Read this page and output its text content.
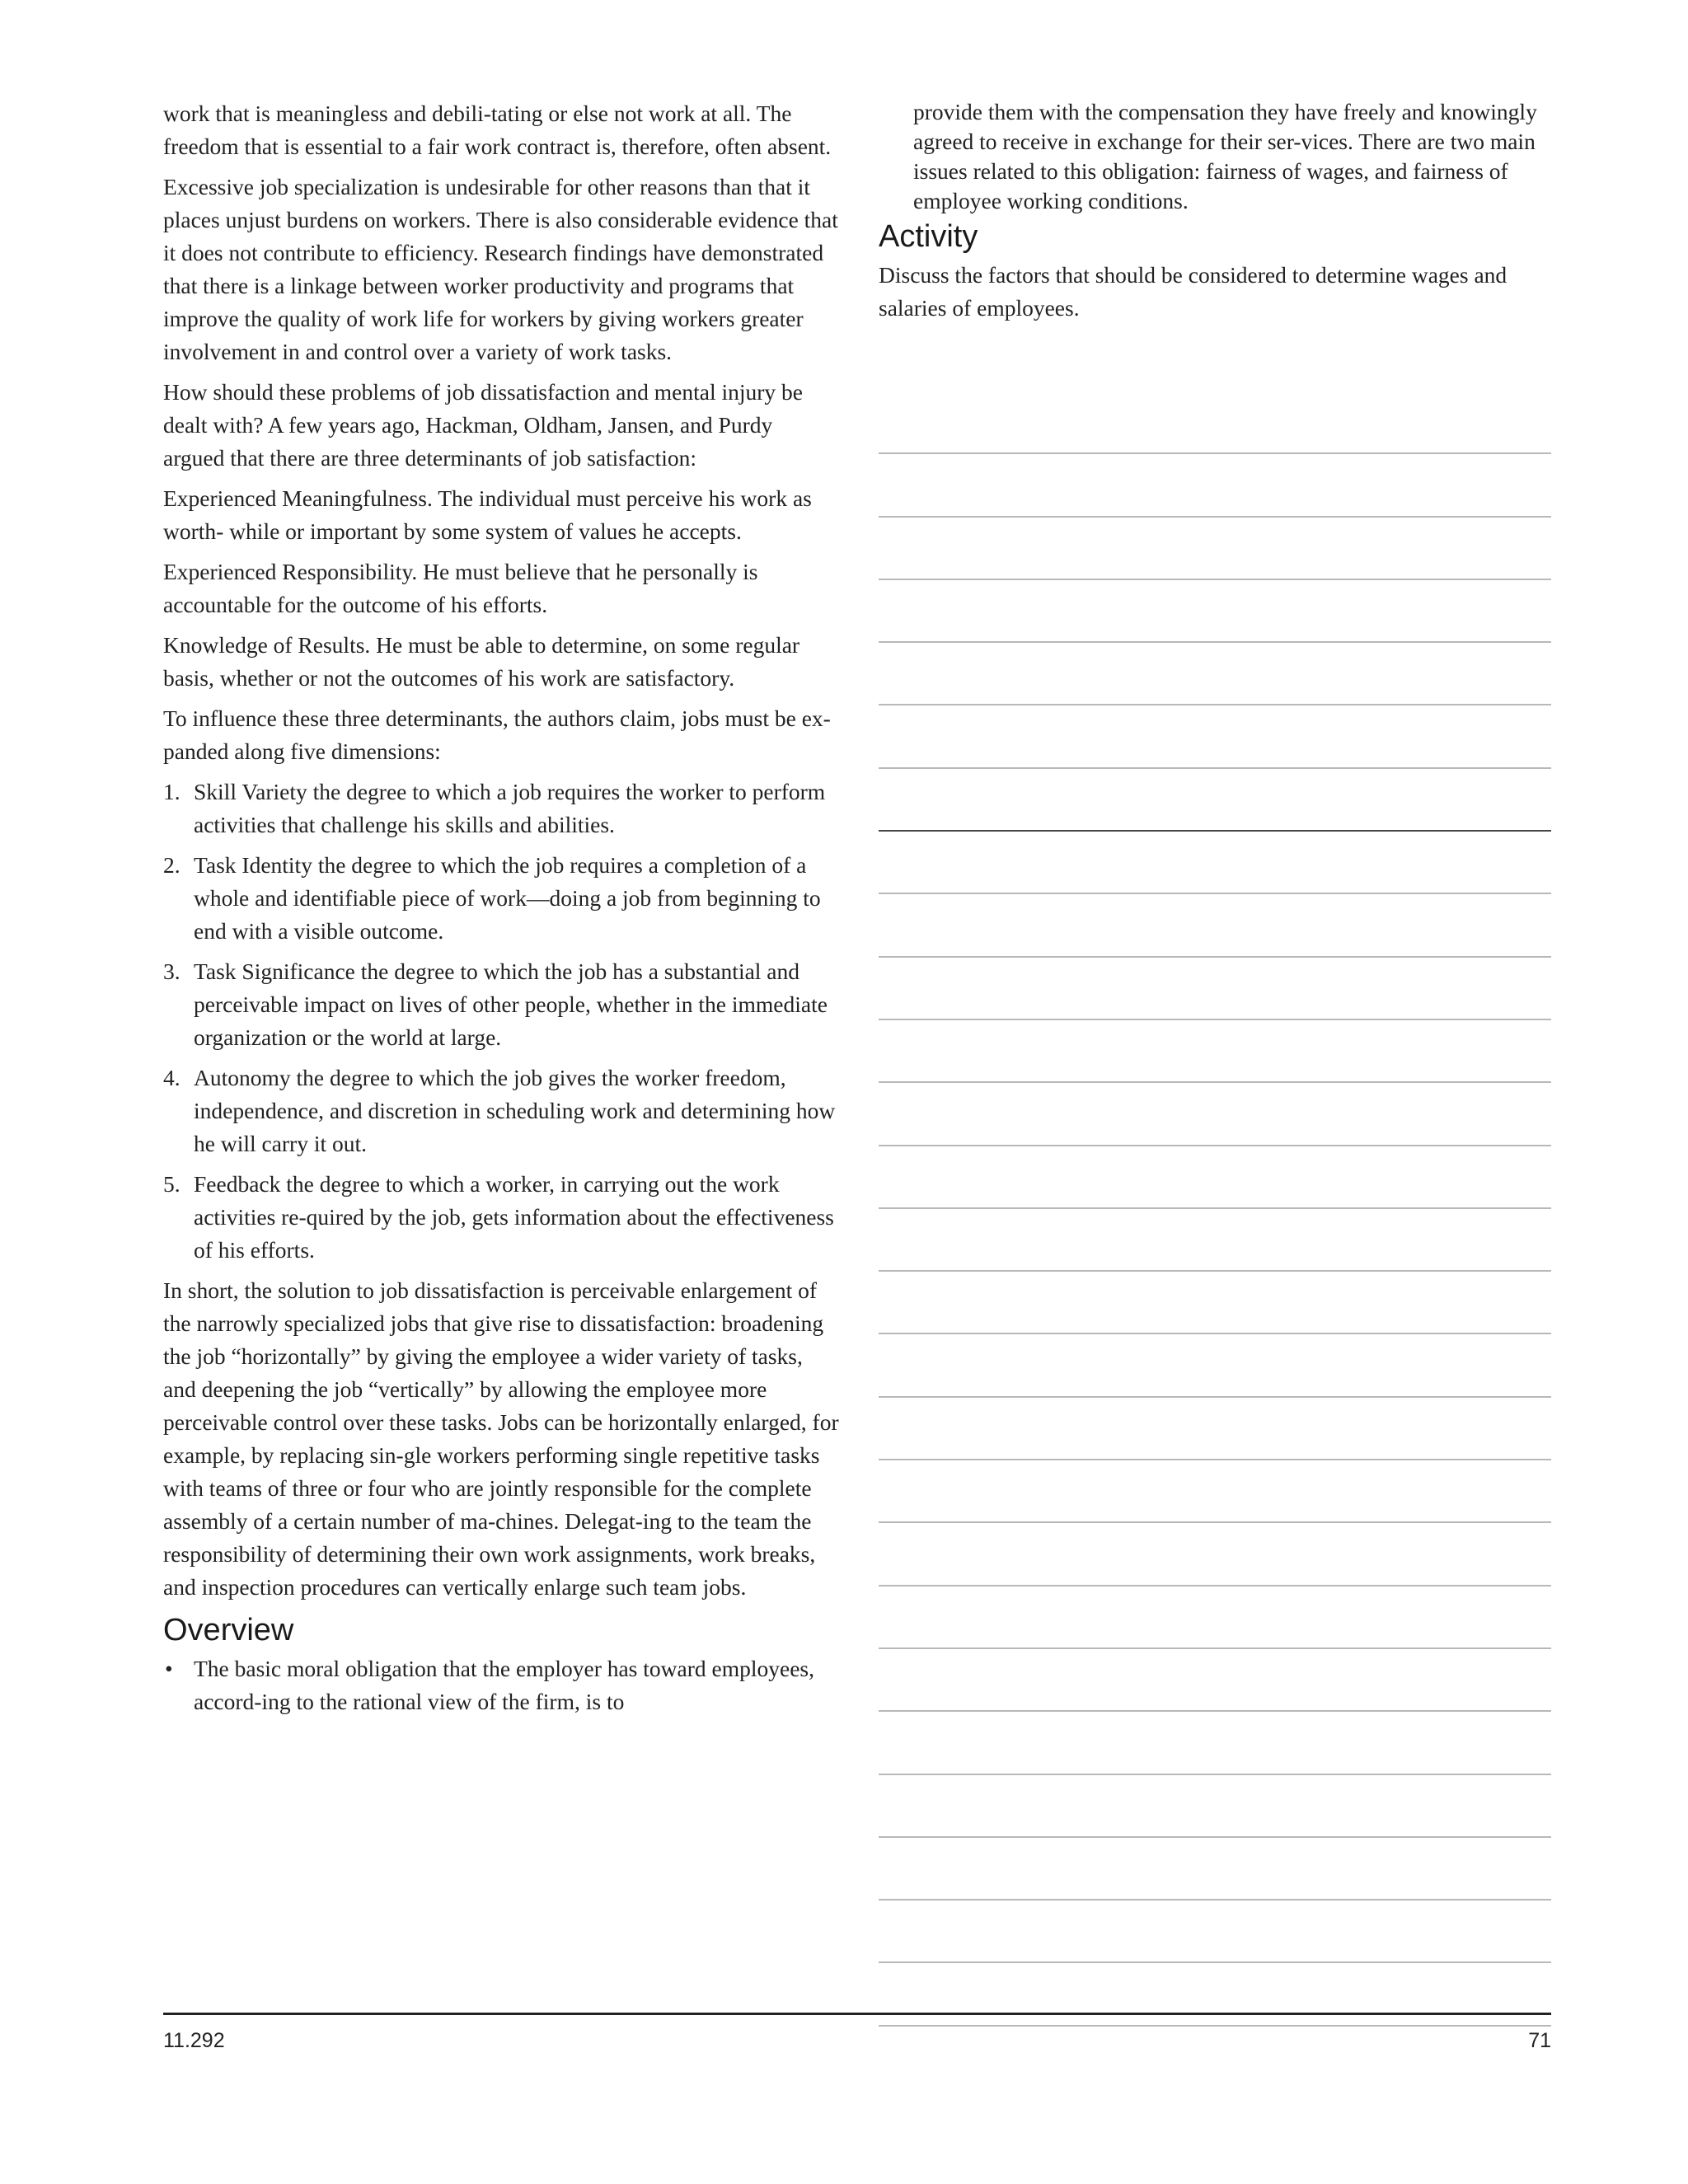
work that is meaningless and debili-tating or else not work at all. The freedom that is essential to a fair work contract is, therefore, often absent.

Excessive job specialization is undesirable for other reasons than that it places unjust burdens on workers. There is also considerable evidence that it does not contribute to efficiency. Research findings have demonstrated that there is a linkage between worker productivity and programs that improve the quality of work life for workers by giving workers greater involvement in and control over a variety of work tasks.

How should these problems of job dissatisfaction and mental injury be dealt with? A few years ago, Hackman, Oldham, Jansen, and Purdy argued that there are three determinants of job satisfaction:

Experienced Meaningfulness. The individual must perceive his work as worth- while or important by some system of values he accepts.

Experienced Responsibility. He must believe that he personally is accountable for the outcome of his efforts.

Knowledge of Results. He must be able to determine, on some regular basis, whether or not the outcomes of his work are satisfactory.

To influence these three determinants, the authors claim, jobs must be ex-panded along five dimensions:

1. Skill Variety the degree to which a job requires the worker to perform activities that challenge his skills and abilities.
2. Task Identity the degree to which the job requires a completion of a whole and identifiable piece of work—doing a job from beginning to end with a visible outcome.
3. Task Significance the degree to which the job has a substantial and perceivable impact on lives of other people, whether in the immediate organization or the world at large.
4. Autonomy the degree to which the job gives the worker freedom, independence, and discretion in scheduling work and determining how he will carry it out.
5. Feedback the degree to which a worker, in carrying out the work activities re-quired by the job, gets information about the effectiveness of his efforts.

In short, the solution to job dissatisfaction is perceivable enlargement of the narrowly specialized jobs that give rise to dissatisfaction: broadening the job “horizontally” by giving the employee a wider variety of tasks, and deepening the job “vertically” by allowing the employee more perceivable control over these tasks. Jobs can be horizontally enlarged, for example, by replacing sin-gle workers performing single repetitive tasks with teams of three or four who are jointly responsible for the complete assembly of a certain number of ma-chines. Delegat-ing to the team the responsibility of determining their own work assignments, work breaks, and inspection procedures can vertically enlarge such team jobs.

Overview
• The basic moral obligation that the employer has toward employees, accord-ing to the rational view of the firm, is to

provide them with the compensation they have freely and knowingly agreed to receive in exchange for their ser-vices. There are two main issues related to this obligation: fairness of wages, and fairness of employee working conditions.

Activity

Discuss the factors that should be considered to determine wages and salaries of employees.

11.292	71
